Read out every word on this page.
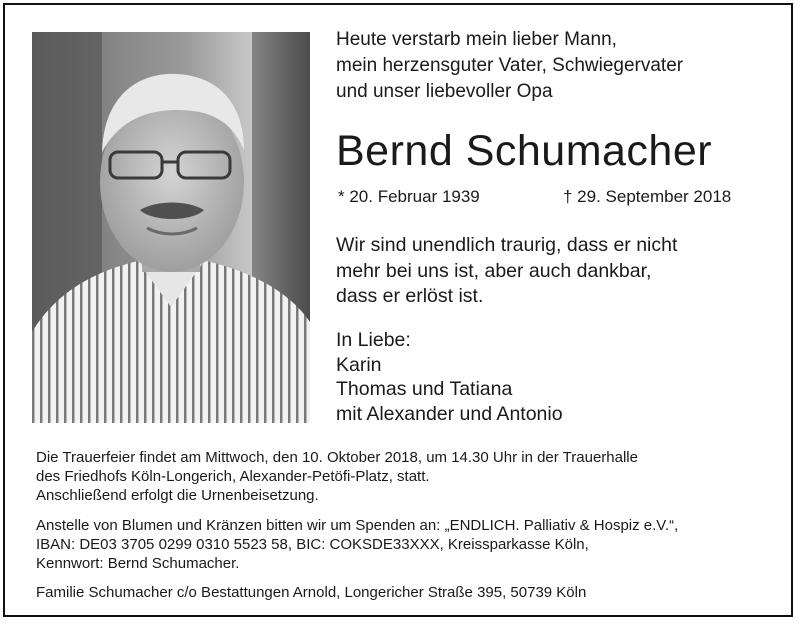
Heute verstarb mein lieber Mann,
mein herzensguter Vater, Schwiegervater
und unser liebevoller Opa
Bernd Schumacher
* 20. Februar 1939	† 29. September 2018
Wir sind unendlich traurig, dass er nicht
mehr bei uns ist, aber auch dankbar,
dass er erlöst ist.
In Liebe:
Karin
Thomas und Tatiana
mit Alexander und Antonio
Die Trauerfeier findet am Mittwoch, den 10. Oktober 2018, um 14.30 Uhr in der Trauerhalle
des Friedhofs Köln-Longerich, Alexander-Petöfi-Platz, statt.
Anschließend erfolgt die Urnenbeisetzung.
Anstelle von Blumen und Kränzen bitten wir um Spenden an: „ENDLICH. Palliativ & Hospiz e.V.“,
IBAN: DE03 3705 0299 0310 5523 58, BIC: COKSDE33XXX, Kreissparkasse Köln,
Kennwort: Bernd Schumacher.
Familie Schumacher c/o Bestattungen Arnold, Longericher Straße 395, 50739 Köln
